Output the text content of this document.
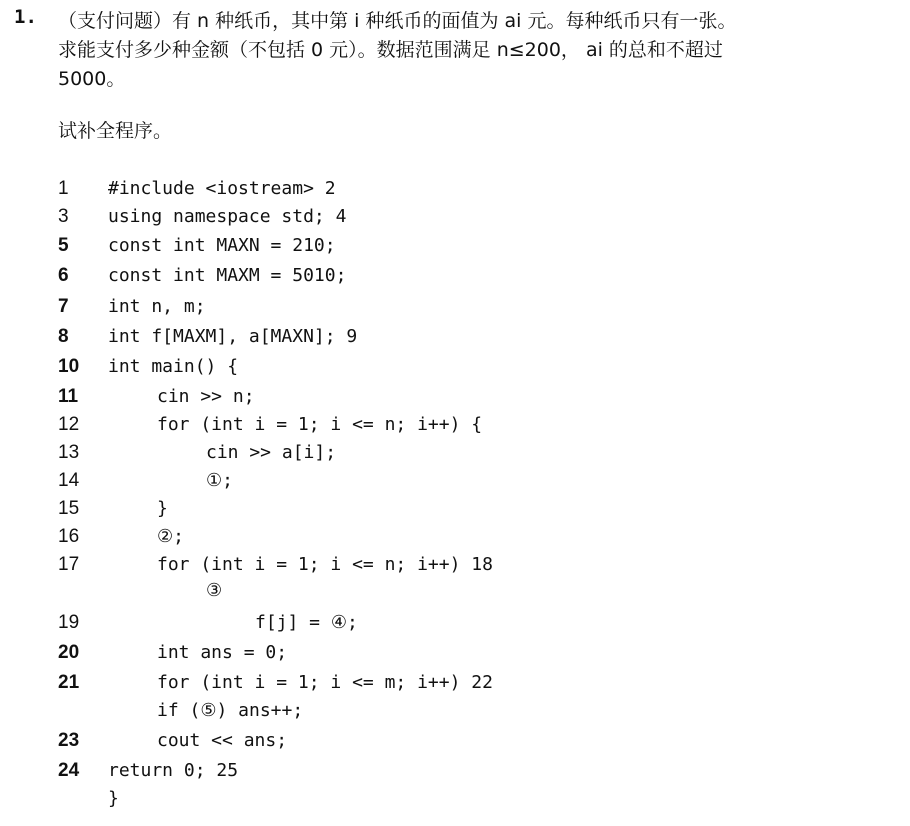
1. （支付问题）有 n 种纸币，其中第 i 种纸币的面值为 ai 元。每种纸币只有一张。
求能支付多少种金额（不包括 0 元）。数据范围满足 n≤200， ai 的总和不超过
5000。
试补全程序。
1	#include <iostream> 2
3	using namespace std; 4
5	const int MAXN = 210;
6	const int MAXM = 5010;
7	int n, m;
8	int f[MAXM], a[MAXN]; 9
10	int main() {
11	cin >> n;
12	for (int i = 1; i <= n; i++) {
13	cin >> a[i];
14	①;
15	}
16	②;
17	for (int i = 1; i <= n; i++) 18
③
19	f[j] = ④;
20	int ans = 0;
21	for (int i = 1; i <= m; i++) 22
if (⑤) ans++;
23	cout << ans;
24	return 0; 25
}
